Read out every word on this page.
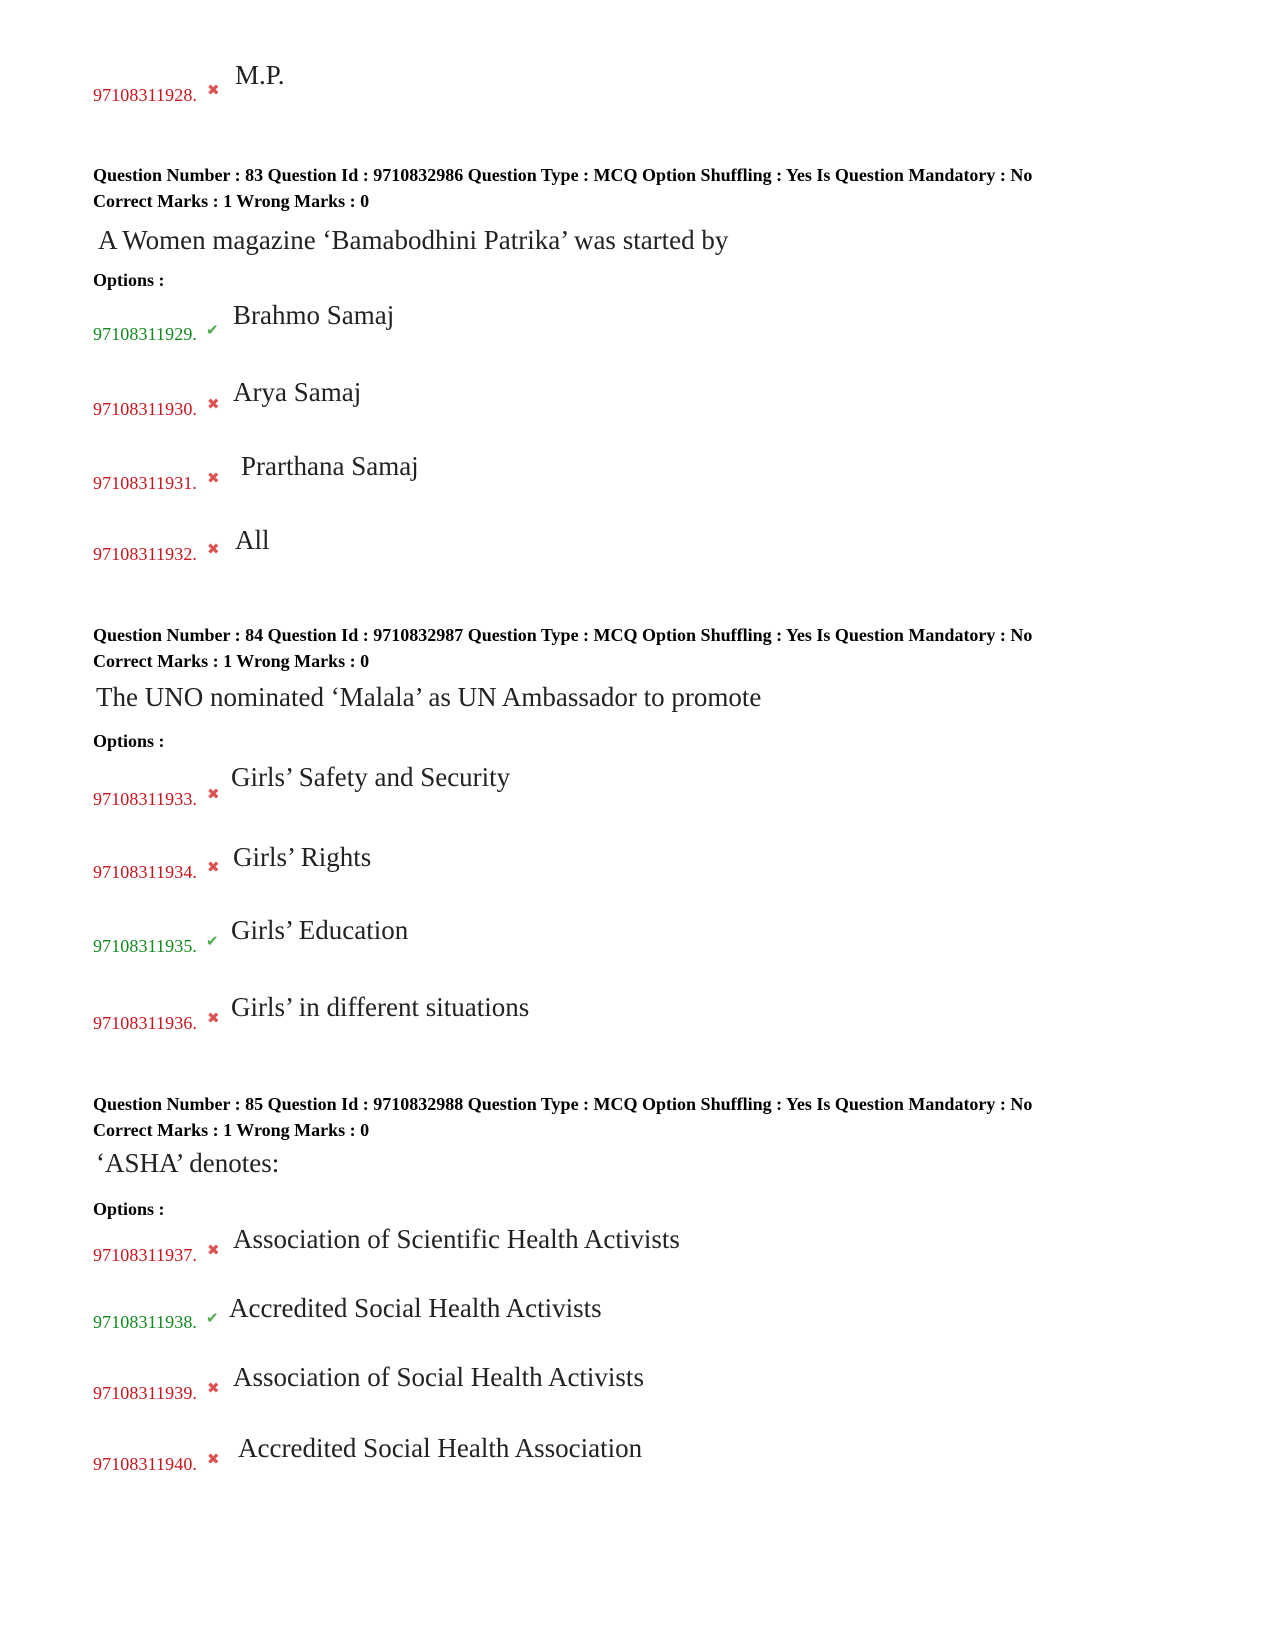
97108311928. ✖ M.P.
Question Number : 83 Question Id : 9710832986 Question Type : MCQ Option Shuffling : Yes Is Question Mandatory : No
Correct Marks : 1 Wrong Marks : 0
A Women magazine ‘Bamabodhini Patrika’ was started by
Options :
97108311929. ✔ Brahmo Samaj
97108311930. ✖ Arya Samaj
97108311931. ✖ Prarthana Samaj
97108311932. ✖ All
Question Number : 84 Question Id : 9710832987 Question Type : MCQ Option Shuffling : Yes Is Question Mandatory : No
Correct Marks : 1 Wrong Marks : 0
The UNO nominated ‘Malala’ as UN Ambassador to promote
Options :
97108311933. ✖
Girls’ Safety and Security
97108311934. ✖ Girls’ Rights
97108311935. ✔ Girls’ Education
97108311936. ✖ Girls’ in different situations
Question Number : 85 Question Id : 9710832988 Question Type : MCQ Option Shuffling : Yes Is Question Mandatory : No
Correct Marks : 1 Wrong Marks : 0
‘ASHA’ denotes:
Options :
97108311937. ✖ Association of Scientific Health Activists
97108311938. ✔ Accredited Social Health Activists
97108311939. ✖ Association of Social Health Activists
97108311940. ✖ Accredited Social Health Association
